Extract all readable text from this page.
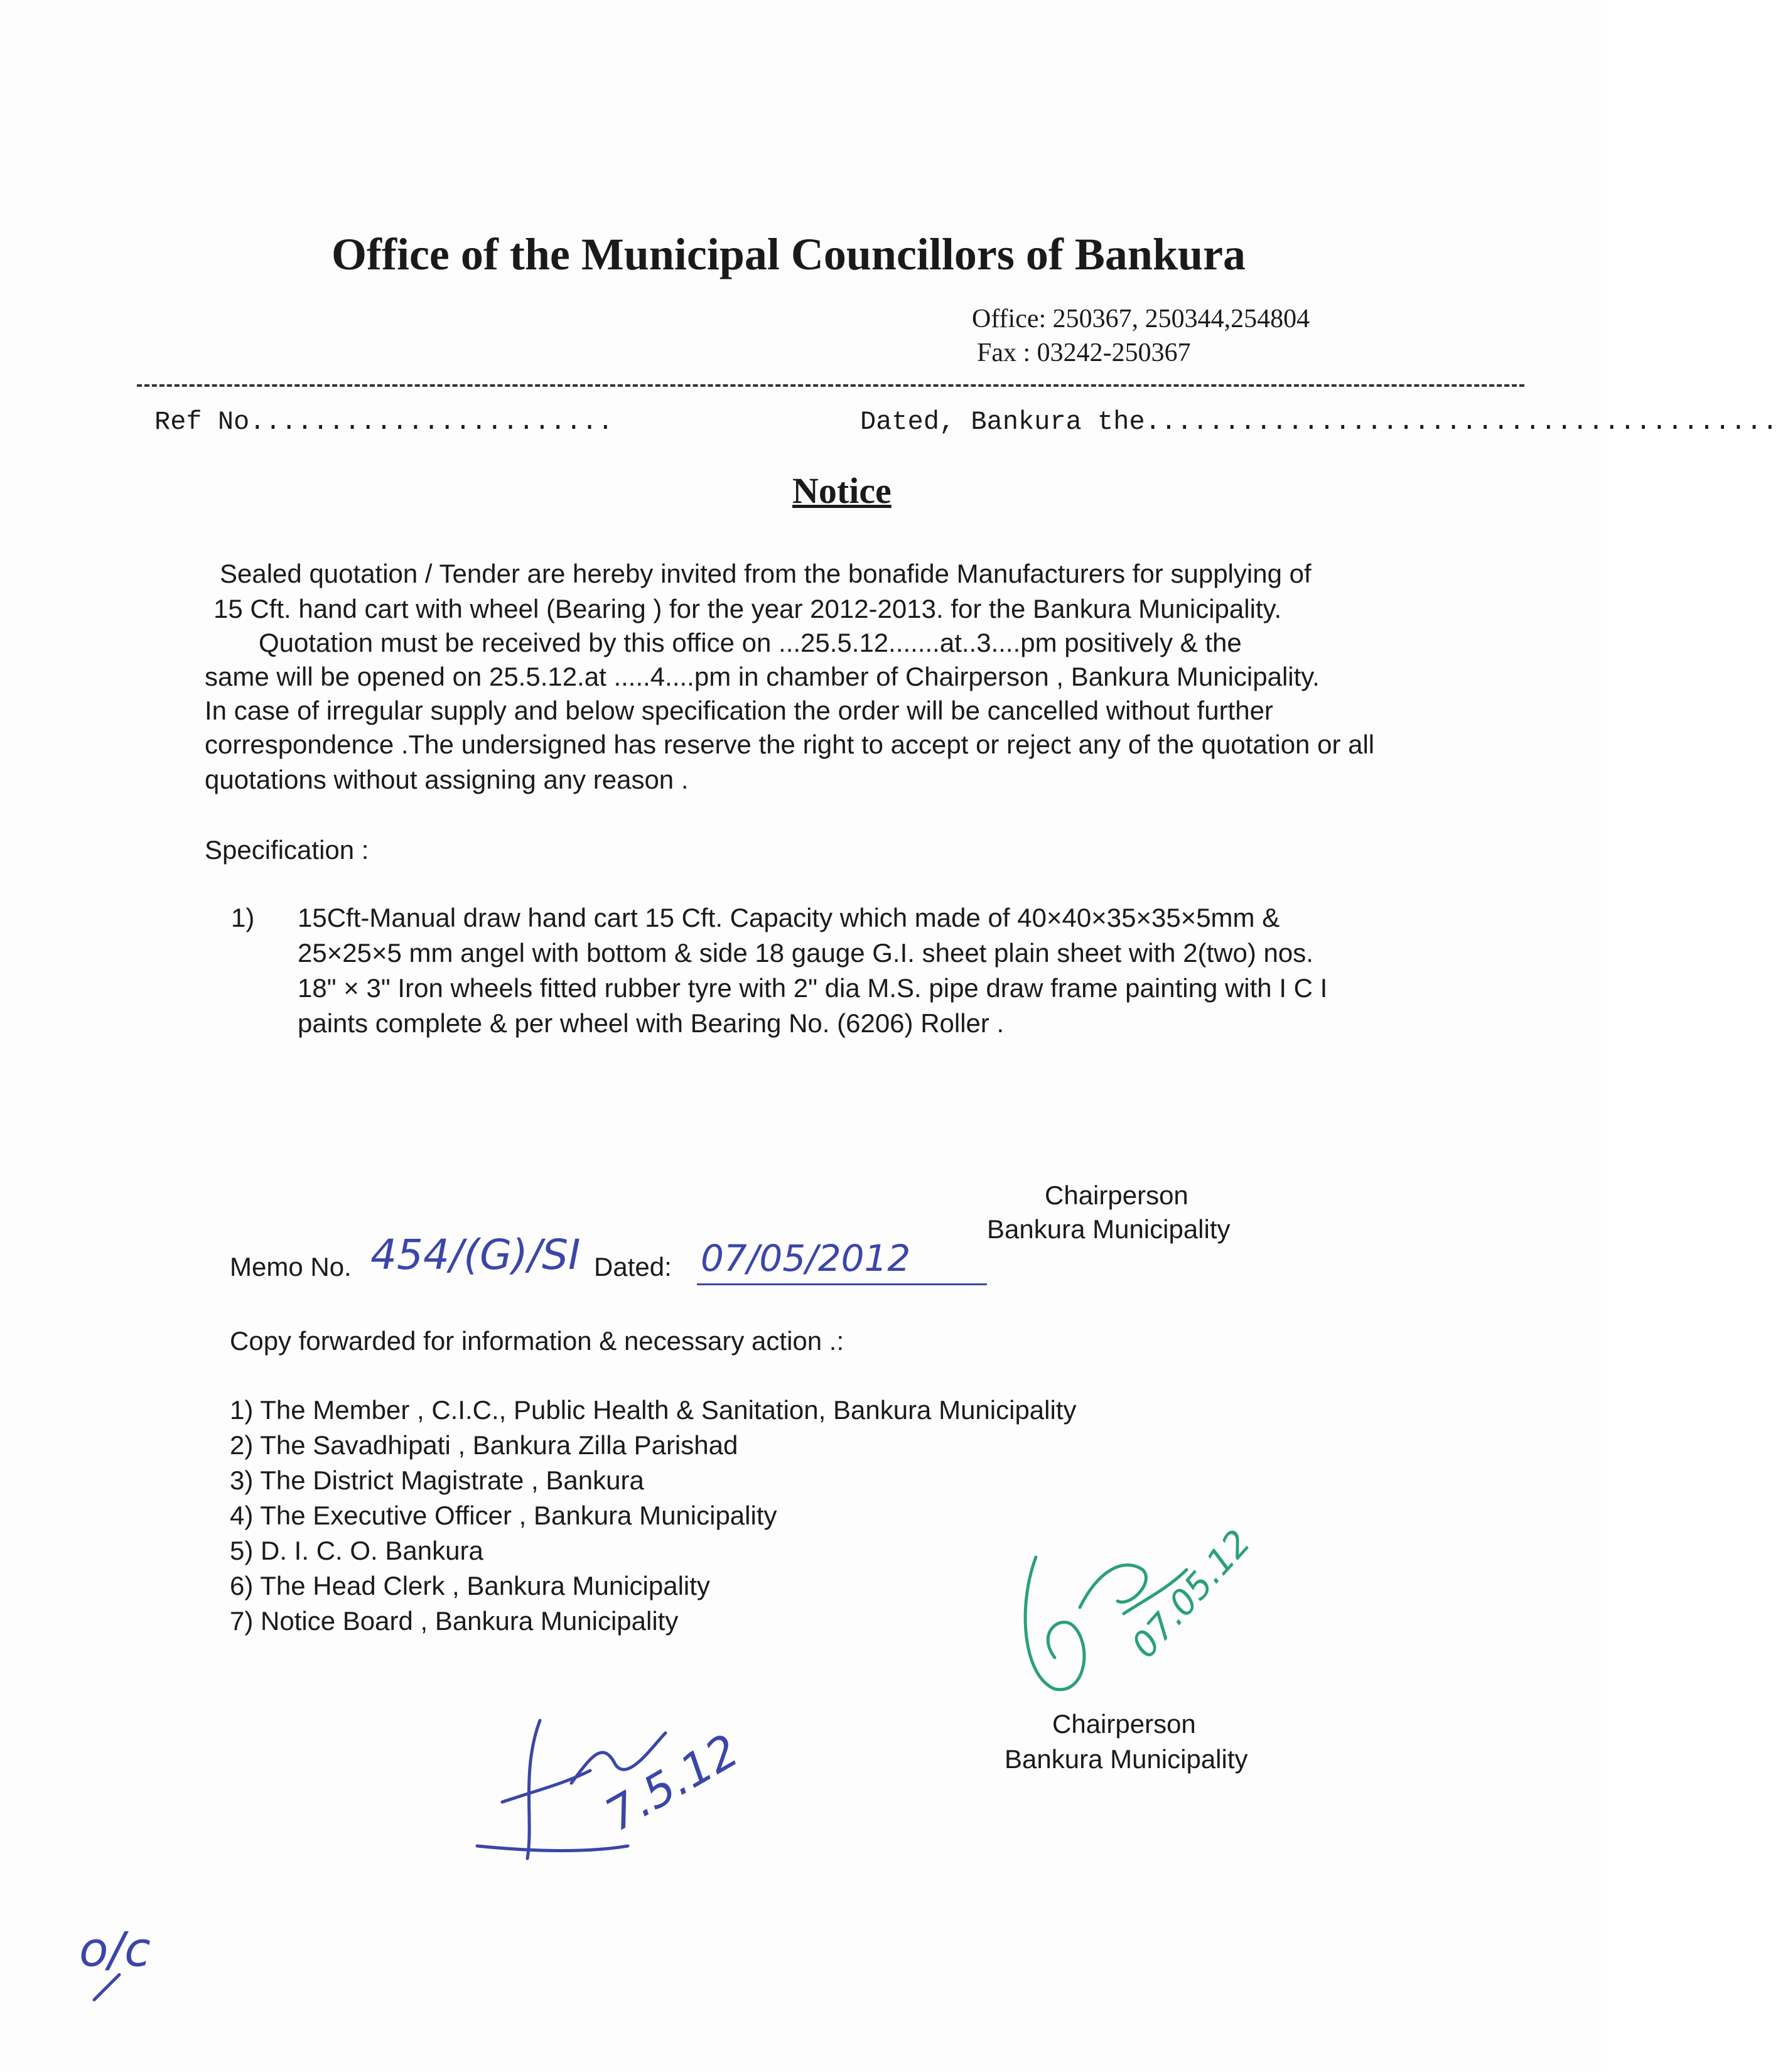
Office of the Municipal Councillors of Bankura
Office: 250367, 250344,254804
Fax : 03242-250367
Ref No.......................	Dated, Bankura the........................................
Notice
Sealed quotation / Tender are hereby invited from the bonafide Manufacturers for supplying of
15 Cft. hand cart with wheel (Bearing ) for the year 2012-2013. for the Bankura Municipality.
Quotation must be received by this office on ...25.5.12.......at..3....pm positively & the
same will be opened on 25.5.12.at .....4....pm in chamber of Chairperson , Bankura Municipality.
In case of irregular supply and below specification the order will be cancelled without further
correspondence .The undersigned has reserve the right to accept or reject any of the quotation or all
quotations without assigning any reason .
Specification :
1) 15Cft-Manual draw hand cart 15 Cft. Capacity which made of 40×40×35×35×5mm &
25×25×5 mm angel with bottom & side 18 gauge G.I. sheet plain sheet with 2(two) nos.
18" × 3" Iron wheels fitted rubber tyre with 2" dia M.S. pipe draw frame painting with I C I
paints complete & per wheel with Bearing No. (6206) Roller .
Chairperson
Bankura Municipality
Memo No. 454/(G)/SI Dated: 07/05/2012
Copy forwarded for information & necessary action .:
1) The Member , C.I.C., Public Health & Sanitation, Bankura Municipality
2) The Savadhipati , Bankura Zilla Parishad
3) The District Magistrate , Bankura
4) The Executive Officer , Bankura Municipality
5) D. I. C. O. Bankura
6) The Head Clerk , Bankura Municipality
7) Notice Board , Bankura Municipality	07.05.12
Chairperson
Bankura Municipality
7.5.12
o/c
